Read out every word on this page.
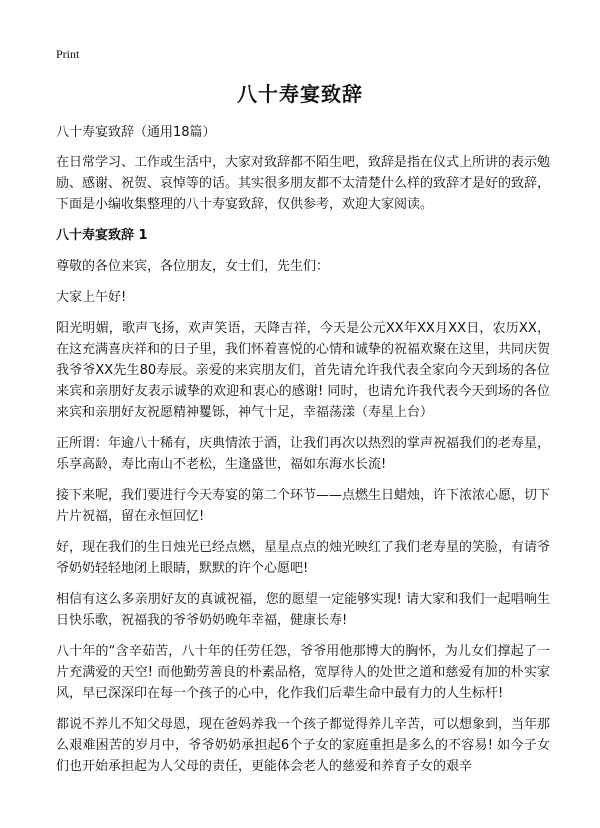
Print
八十寿宴致辞

八十寿宴致辞（通用18篇）

在日常学习、工作或生活中，大家对致辞都不陌生吧，致辞是指在仪式上所讲的表示勉励、感谢、祝贺、哀悼等的话。其实很多朋友都不太清楚什么样的致辞才是好的致辞，下面是小编收集整理的八十寿宴致辞，仅供参考，欢迎大家阅读。

八十寿宴致辞 1

尊敬的各位来宾，各位朋友，女士们，先生们：

大家上午好!

阳光明媚，歌声飞扬，欢声笑语，天降吉祥，今天是公元XX年XX月XX日，农历XX，在这充满喜庆祥和的日子里，我们怀着喜悦的心情和诚挚的祝福欢聚在这里，共同庆贺我爷爷XX先生80寿辰。亲爱的来宾朋友们，首先请允许我代表全家向今天到场的各位来宾和亲朋好友表示诚挚的欢迎和衷心的感谢! 同时，也请允许我代表今天到场的各位来宾和亲朋好友祝愿精神矍铄，神气十足，幸福荡漾（寿星上台）

正所谓：年逾八十稀有，庆典情浓于酒，让我们再次以热烈的掌声祝福我们的老寿星，乐享高龄，寿比南山不老松，生逢盛世，福如东海水长流!

接下来呢，我们要进行今天寿宴的第二个环节——点燃生日蜡烛，许下浓浓心愿，切下片片祝福，留在永恒回忆!

好，现在我们的生日烛光已经点燃，星星点点的烛光映红了我们老寿星的笑脸，有请爷爷奶奶轻轻地闭上眼睛，默默的许个心愿吧!

相信有这么多亲朋好友的真诚祝福，您的愿望一定能够实现! 请大家和我们一起唱响生日快乐歌，祝福我的爷爷奶奶晚年幸福，健康长寿!

八十年的“含辛茹苦，八十年的任劳任怨，爷爷用他那博大的胸怀，为儿女们撑起了一片充满爱的天空! 而他勤劳善良的朴素品格，宽厚待人的处世之道和慈爱有加的朴实家风，早已深深印在每一个孩子的心中，化作我们后辈生命中最有力的人生标杆!

都说不养儿不知父母恩，现在爸妈养我一个孩子都觉得养儿辛苦，可以想象到，当年那么艰难困苦的岁月中，爷爷奶奶承担起6个子女的家庭重担是多么的不容易! 如今子女们也开始承担起为人父母的责任，更能体会老人的慈爱和养育子女的艰辛
